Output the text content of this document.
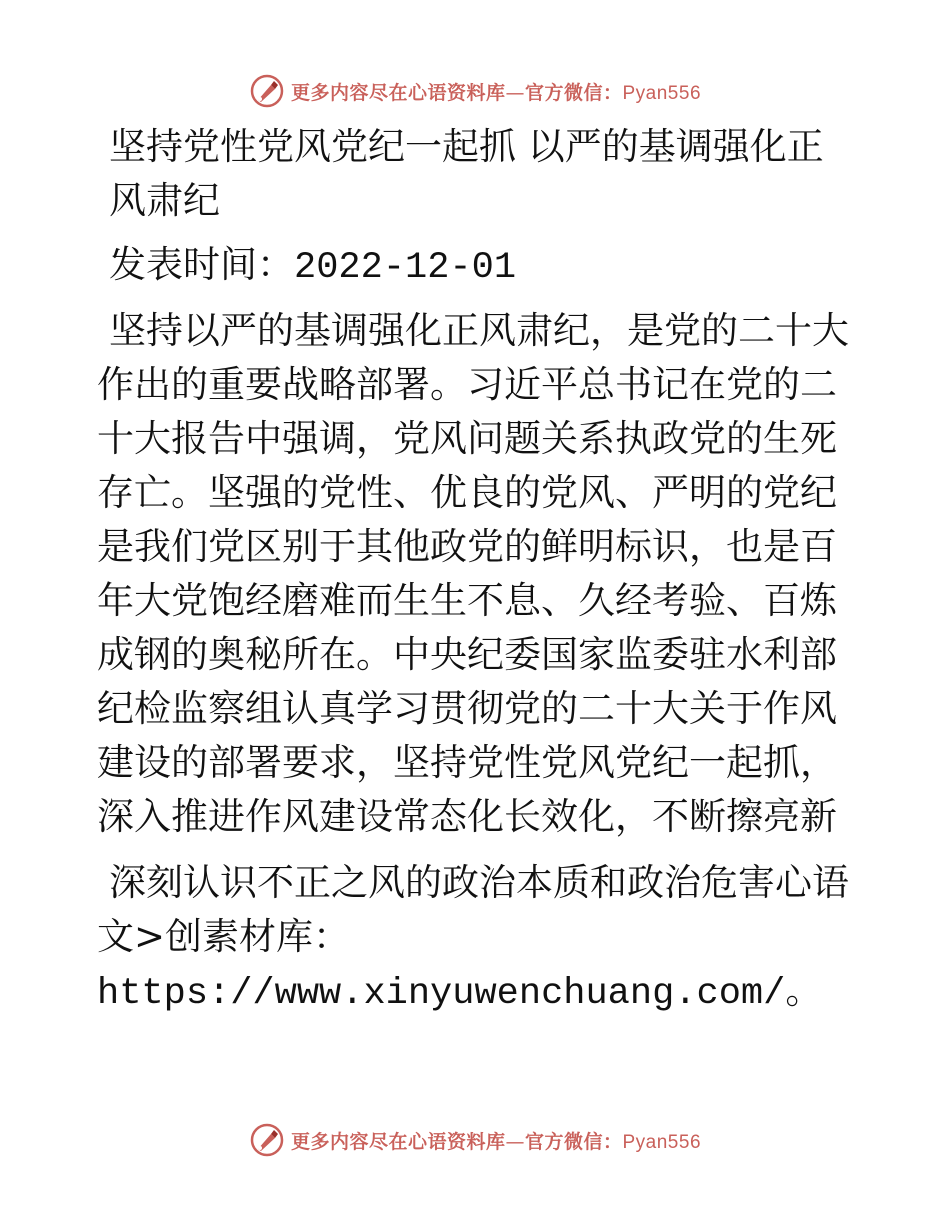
更多内容尽在心语资料库—官方微信：Pyan556
坚持党性党风党纪一起抓 以严的基调强化正风肃纪
发表时间：2022-12-01

坚持以严的基调强化正风肃纪，是党的二十大作出的重要战略部署。习近平总书记在党的二十大报告中强调，党风问题关系执政党的生死存亡。坚强的党性、优良的党风、严明的党纪是我们党区别于其他政党的鲜明标识，也是百年大党饱经磨难而生生不息、久经考验、百炼成钢的奥秘所在。中央纪委国家监委驻水利部纪检监察组认真学习贯彻党的二十大关于作风建设的部署要求，坚持党性党风党纪一起抓，深入推进作风建设常态化长效化，不断擦亮新

深刻认识不正之风的政治本质和政治危害心语文>创素材库：https://www.xinyuwenchuang.com/。

更多内容尽在心语资料库—官方微信：Pyan556
